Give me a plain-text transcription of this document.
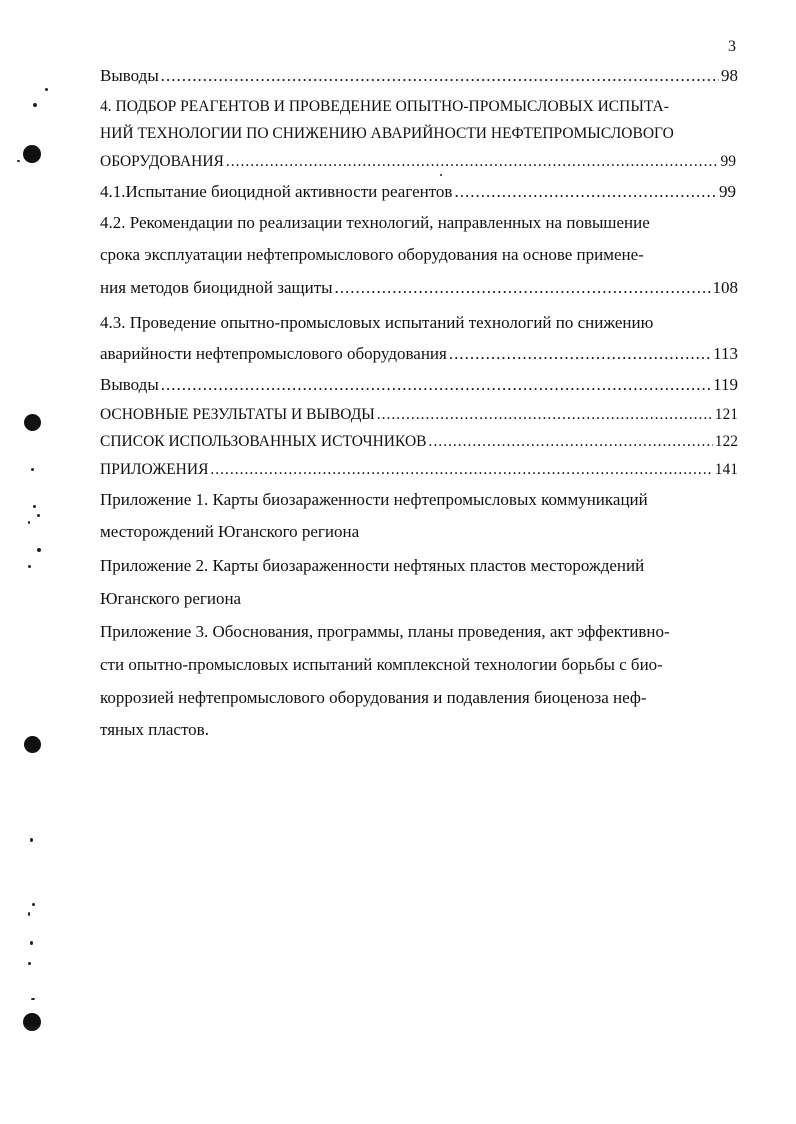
3
Выводы .....	98
4. ПОДБОР РЕАГЕНТОВ И ПРОВЕДЕНИЕ ОПЫТНО-ПРОМЫСЛОВЫХ ИСПЫТА-
НИЙ ТЕХНОЛОГИИ ПО СНИЖЕНИЮ АВАРИЙНОСТИ НЕФТЕПРОМЫСЛОВОГО
ОБОРУДОВАНИЯ .....	99
4.1.Испытание биоцидной активности реагентов .....	99
4.2. Рекомендации по реализации технологий, направленных на повышение
срока эксплуатации нефтепромыслового оборудования на основе примене-
ния методов биоцидной защиты .....	108
4.3. Проведение опытно-промысловых испытаний технологий по снижению
аварийности нефтепромыслового оборудования .....	113
Выводы .....	119
ОСНОВНЫЕ РЕЗУЛЬТАТЫ И ВЫВОДЫ .....	121
СПИСОК ИСПОЛЬЗОВАННЫХ ИСТОЧНИКОВ .....	122
ПРИЛОЖЕНИЯ .....	141
Приложение 1. Карты биозараженности нефтепромысловых коммуникаций
месторождений Юганского региона
Приложение 2. Карты биозараженности нефтяных пластов месторождений
Юганского региона
Приложение 3. Обоснования, программы, планы проведения, акт эффективно-
сти опытно-промысловых испытаний комплексной технологии борьбы с био-
коррозией нефтепромыслового оборудования и подавления биоценоза неф-
тяных пластов.
